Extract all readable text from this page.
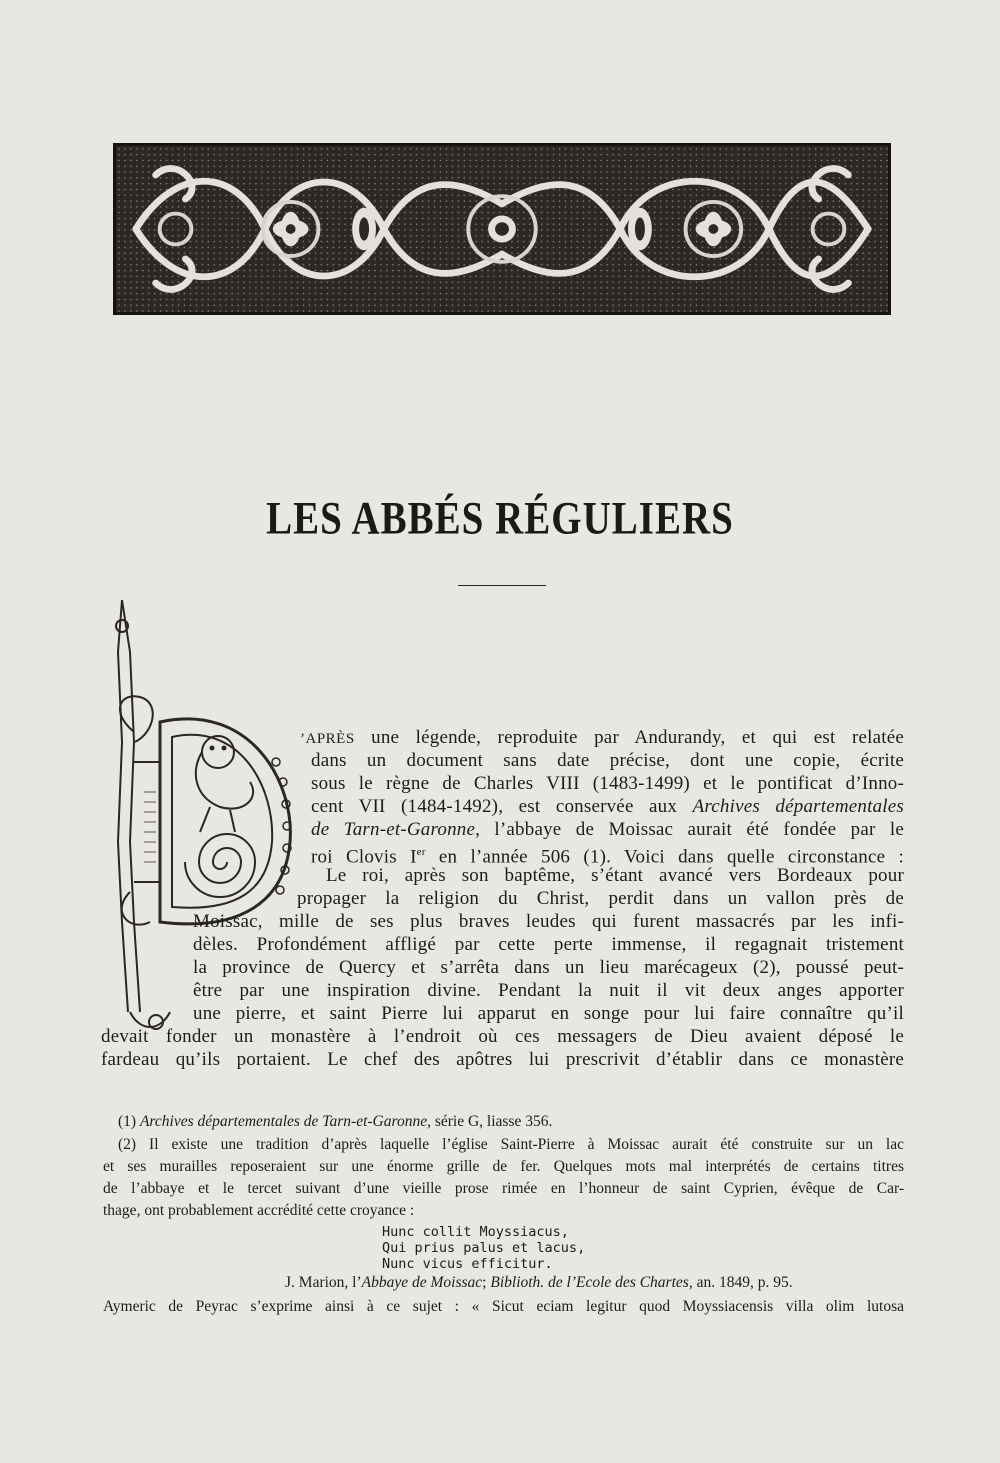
LES ABBÉS RÉGULIERS
’APRÈS une légende, reproduite par Andurandy, et qui est relatée
dans un document sans date précise, dont une copie, écrite
sous le règne de Charles VIII (1483-1499) et le pontificat d’Inno-
cent VII (1484-1492), est conservée aux Archives départementales
de Tarn-et-Garonne, l’abbaye de Moissac aurait été fondée par le
roi Clovis Ier en l’année 506 (1). Voici dans quelle circonstance :
Le roi, après son baptême, s’étant avancé vers Bordeaux pour
propager la religion du Christ, perdit dans un vallon près de
Moissac, mille de ses plus braves leudes qui furent massacrés par les infi-
dèles. Profondément affligé par cette perte immense, il regagnait tristement
la province de Quercy et s’arrêta dans un lieu marécageux (2), poussé peut-
être par une inspiration divine. Pendant la nuit il vit deux anges apporter
une pierre, et saint Pierre lui apparut en songe pour lui faire connaître qu’il
devait fonder un monastère à l’endroit où ces messagers de Dieu avaient déposé le
fardeau qu’ils portaient. Le chef des apôtres lui prescrivit d’établir dans ce monastère
(1) Archives départementales de Tarn-et-Garonne, série G, liasse 356.
(2) Il existe une tradition d’après laquelle l’église Saint-Pierre à Moissac aurait été construite sur un lac
et ses murailles reposeraient sur une énorme grille de fer. Quelques mots mal interprétés de certains titres
de l’abbaye et le tercet suivant d’une vieille prose rimée en l’honneur de saint Cyprien, évêque de Car-
thage, ont probablement accrédité cette croyance :
Hunc collit Moyssiacus,
Qui prius palus et lacus,
Nunc vicus efficitur.
J. Marion, l’Abbaye de Moissac; Biblioth. de l’Ecole des Chartes, an. 1849, p. 95.
Aymeric de Peyrac s’exprime ainsi à ce sujet : « Sicut eciam legitur quod Moyssiacensis villa olim lutosa
